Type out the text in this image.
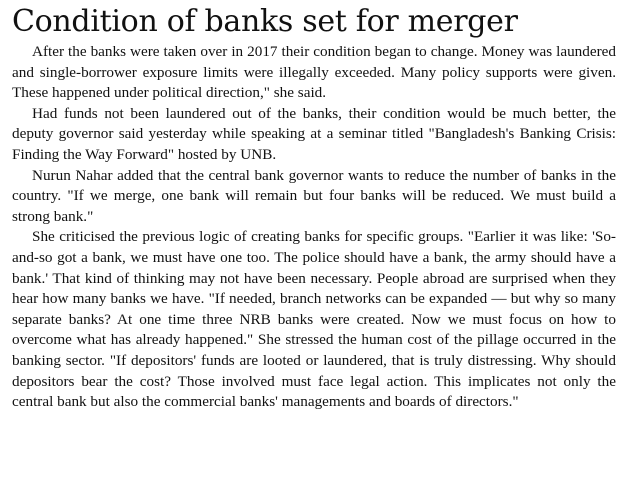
Condition of banks set for merger

After the banks were taken over in 2017 their condition began to change. Money was laundered and single-borrower exposure limits were illegally exceeded. Many policy supports were given. These happened under political direction," she said.

Had funds not been laundered out of the banks, their condition would be much better, the deputy governor said yesterday while speaking at a seminar titled "Bangladesh's Banking Crisis: Finding the Way Forward" hosted by UNB.

Nurun Nahar added that the central bank governor wants to reduce the number of banks in the country. "If we merge, one bank will remain but four banks will be reduced. We must build a strong bank."

She criticised the previous logic of creating banks for specific groups. "Earlier it was like: 'So-and-so got a bank, we must have one too. The police should have a bank, the army should have a bank.' That kind of thinking may not have been necessary. People abroad are surprised when they hear how many banks we have. "If needed, branch networks can be expanded — but why so many separate banks? At one time three NRB banks were created. Now we must focus on how to overcome what has already happened." She stressed the human cost of the pillage occurred in the banking sector. "If depositors' funds are looted or laundered, that is truly distressing. Why should depositors bear the cost? Those involved must face legal action. This implicates not only the central bank but also the commercial banks' managements and boards of directors."
